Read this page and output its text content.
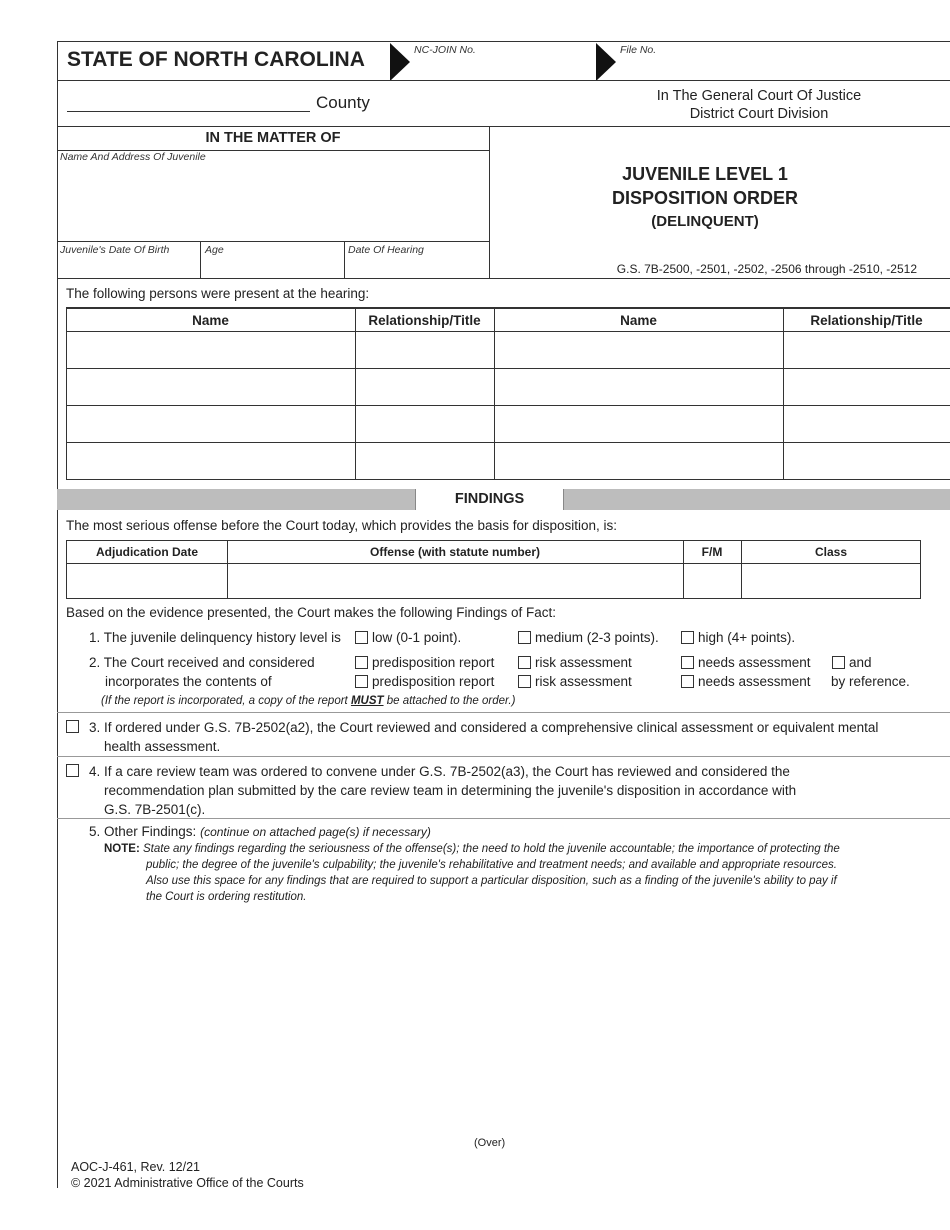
STATE OF NORTH CAROLINA	NC-JOIN No.	File No.
County	In The General Court Of Justice
District Court Division
IN THE MATTER OF
Name And Address Of Juvenile
Juvenile's Date Of Birth	Age	Date Of Hearing
JUVENILE LEVEL 1
DISPOSITION ORDER
(DELINQUENT)
G.S. 7B-2500, -2501, -2502, -2506 through -2510, -2512
The following persons were present at the hearing:
Name	Relationship/Title	Name	Relationship/Title
FINDINGS
The most serious offense before the Court today, which provides the basis for disposition, is:
Adjudication Date	Offense (with statute number)	F/M	Class
Based on the evidence presented, the Court makes the following Findings of Fact:
1. The juvenile delinquency history level is low (0-1 point).	medium (2-3 points).	high (4+ points).
2. The Court received and considered
incorporates the contents of
predisposition report	risk assessment	needs assessment	and
predisposition report	risk assessment	needs assessment by reference.
(If the report is incorporated, a copy of the report MUST be attached to the order.)
3. If ordered under G.S. 7B-2502(a2), the Court reviewed and considered a comprehensive clinical assessment or equivalent mental
health assessment.
4. If a care review team was ordered to convene under G.S. 7B-2502(a3), the Court has reviewed and considered the
recommendation plan submitted by the care review team in determining the juvenile's disposition in accordance with
G.S. 7B-2501(c).
5. Other Findings: (continue on attached page(s) if necessary)
NOTE: State any findings regarding the seriousness of the offense(s); the need to hold the juvenile accountable; the importance of protecting the
public; the degree of the juvenile's culpability; the juvenile's rehabilitative and treatment needs; and available and appropriate resources.
Also use this space for any findings that are required to support a particular disposition, such as a finding of the juvenile's ability to pay if
the Court is ordering restitution.
(Over)
AOC-J-461, Rev. 12/21
© 2021 Administrative Office of the Courts
